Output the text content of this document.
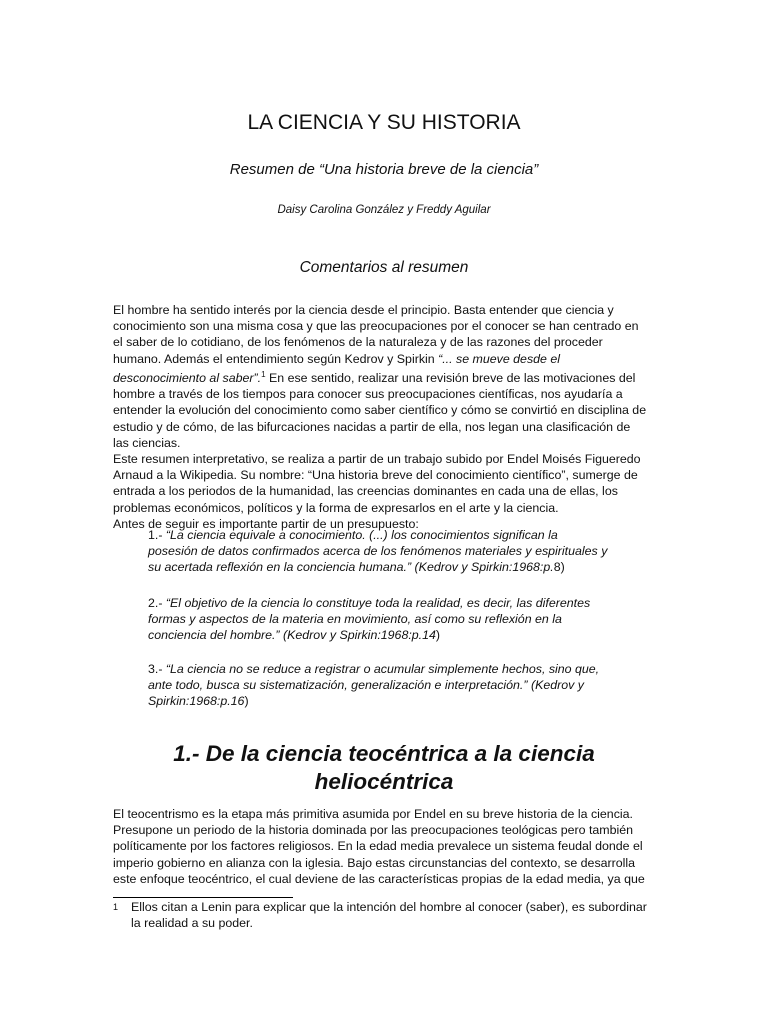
LA CIENCIA Y SU HISTORIA
Resumen de “Una historia breve de la ciencia”
Daisy Carolina González y Freddy Aguilar
Comentarios al resumen
El hombre ha sentido interés por la ciencia desde el principio. Basta entender que ciencia y
conocimiento son una misma cosa y que las preocupaciones por el conocer se han centrado en
el saber de lo cotidiano, de los fenómenos de la naturaleza y de las razones del proceder
humano. Además el entendimiento según Kedrov y Spirkin “... se mueve desde el
desconocimiento al saber”.$^1$ En ese sentido, realizar una revisión breve de las motivaciones del
hombre a través de los tiempos para conocer sus preocupaciones científicas, nos ayudaría a
entender la evolución del conocimiento como saber científico y cómo se convirtió en disciplina de
estudio y de cómo, de las bifurcaciones nacidas a partir de ella, nos legan una clasificación de
las ciencias.
Este resumen interpretativo, se realiza a partir de un trabajo subido por Endel Moisés Figueredo
Arnaud a la Wikipedia. Su nombre: “Una historia breve del conocimiento científico”, sumerge de
entrada a los periodos de la humanidad, las creencias dominantes en cada una de ellas, los
problemas económicos, políticos y la forma de expresarlos en el arte y la ciencia.
Antes de seguir es importante partir de un presupuesto:
1.- “La ciencia equivale a conocimiento. (...) los conocimientos significan la
posesión de datos confirmados acerca de los fenómenos materiales y espirituales y
su acertada reflexión en la conciencia humana.” (Kedrov y Spirkin:1968:p.8)
2.- “El objetivo de la ciencia lo constituye toda la realidad, es decir, las diferentes
formas y aspectos de la materia en movimiento, así como su reflexión en la
conciencia del hombre.” (Kedrov y Spirkin:1968:p.14)
3.- “La ciencia no se reduce a registrar o acumular simplemente hechos, sino que,
ante todo, busca su sistematización, generalización e interpretación.” (Kedrov y
Spirkin:1968:p.16)
1.- De la ciencia teocéntrica a la ciencia
heliocéntrica
El teocentrismo es la etapa más primitiva asumida por Endel en su breve historia de la ciencia.
Presupone un periodo de la historia dominada por las preocupaciones teológicas pero también
políticamente por los factores religiosos. En la edad media prevalece un sistema feudal donde el
imperio gobierno en alianza con la iglesia. Bajo estas circunstancias del contexto, se desarrolla
este enfoque teocéntrico, el cual deviene de las características propias de la edad media, ya que
1 Ellos citan a Lenin para explicar que la intención del hombre al conocer (saber), es subordinar
la realidad a su poder.
